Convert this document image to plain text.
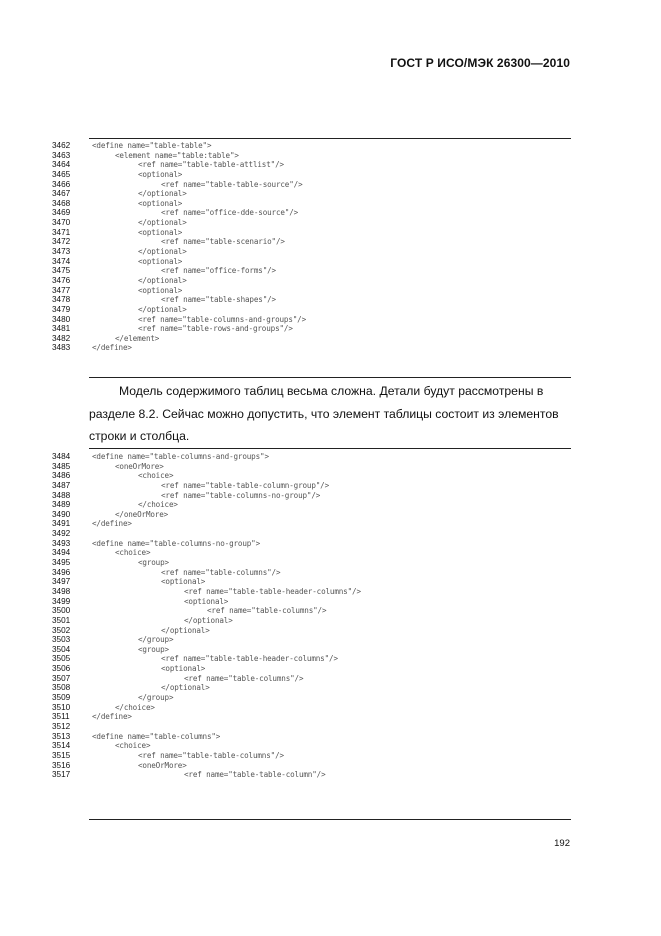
ГОСТ Р ИСО/МЭК 26300—2010
3462	<define name="table-table">
3463	<element name="table:table">
3464	<ref name="table-table-attlist"/>
3465	<optional>
3466	<ref name="table-table-source"/>
3467	</optional>
3468	<optional>
3469	<ref name="office-dde-source"/>
3470	</optional>
3471	<optional>
3472	<ref name="table-scenario"/>
3473	</optional>
3474	<optional>
3475	<ref name="office-forms"/>
3476	</optional>
3477	<optional>
3478	<ref name="table-shapes"/>
3479	</optional>
3480	<ref name="table-columns-and-groups"/>
3481	<ref name="table-rows-and-groups"/>
3482	</element>
3483	</define>

Модель содержимого таблиц весьма сложна. Детали будут рассмотрены в

разделе 8.2. Сейчас можно допустить, что элемент таблицы состоит из элементов

строки и столбца.

3484	<define name="table-columns-and-groups">
3485	<oneOrMore>
3486	<choice>
3487	<ref name="table-table-column-group"/>
3488	<ref name="table-columns-no-group"/>
3489	</choice>
3490	</oneOrMore>
3491	</define>
3492
3493	<define name="table-columns-no-group">
3494	<choice>
3495	<group>
3496	<ref name="table-columns"/>
3497	<optional>
3498	<ref name="table-table-header-columns"/>
3499	<optional>
3500	<ref name="table-columns"/>
3501	</optional>
3502	</optional>
3503	</group>
3504	<group>
3505	<ref name="table-table-header-columns"/>
3506	<optional>
3507	<ref name="table-columns"/>
3508	</optional>
3509	</group>
3510	</choice>
3511	</define>
3512
3513	<define name="table-columns">
3514	<choice>
3515	<ref name="table-table-columns"/>
3516	<oneOrMore>
3517	<ref name="table-table-column"/>
192
